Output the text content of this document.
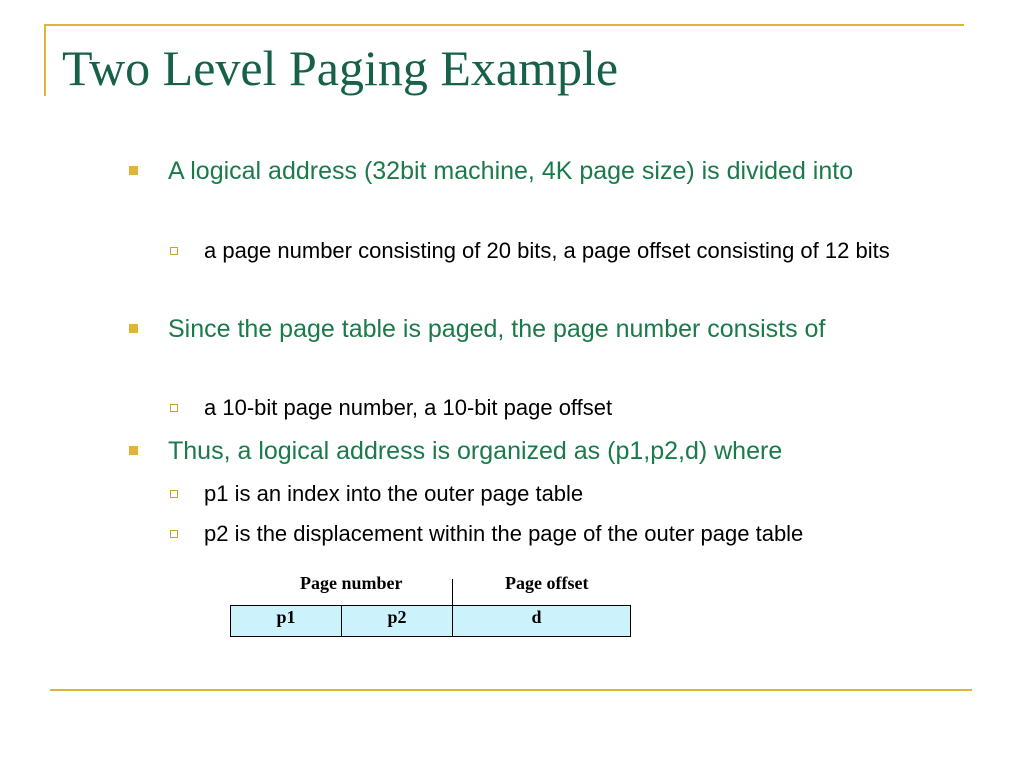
Two Level Paging Example
A logical address (32bit machine, 4K page size) is divided into
a page number consisting of 20 bits, a page offset consisting of 12 bits
Since the page table is paged, the page number consists of
a 10-bit page number, a 10-bit page offset
Thus, a logical address is organized as (p1,p2,d) where
p1 is an index into the outer page table
p2 is the displacement within the page of the outer page table
Page number	Page offset
p1	p2	d
